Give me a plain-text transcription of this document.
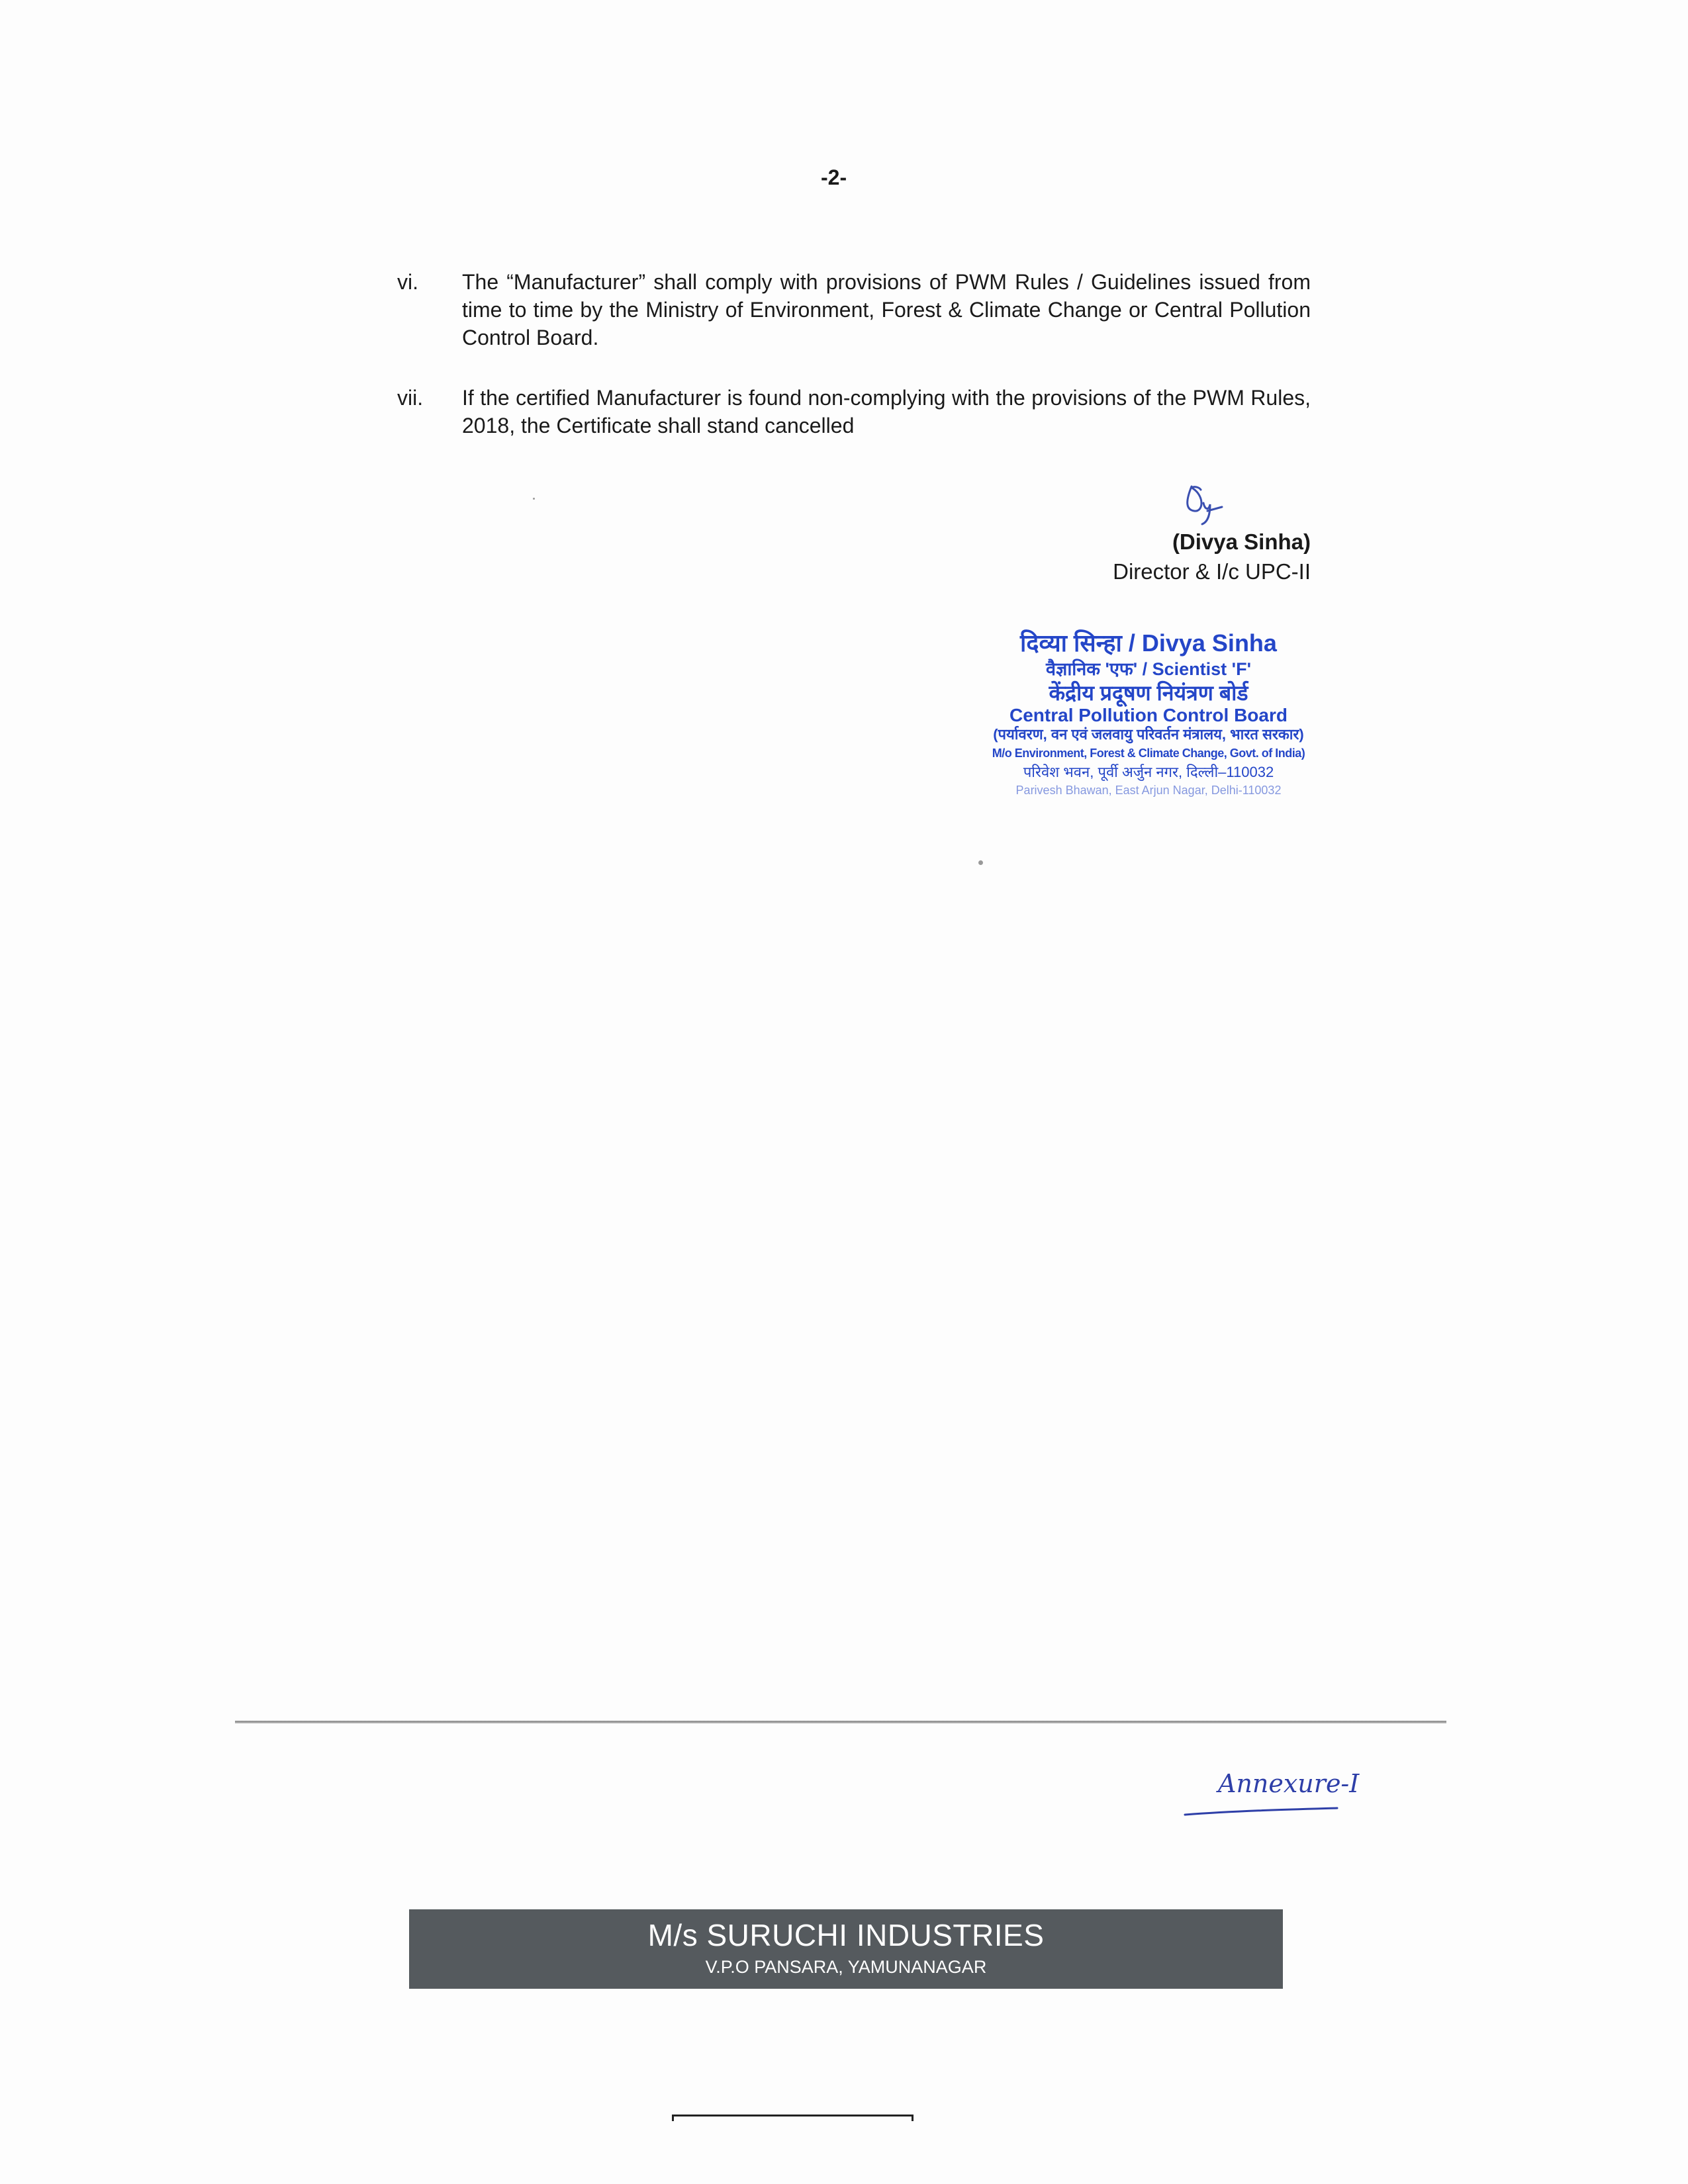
-2-
vi.	The “Manufacturer” shall comply with provisions of PWM Rules / Guidelines issued from time to time by the Ministry of Environment, Forest & Climate Change or Central Pollution Control Board.
vii.	If the certified Manufacturer is found non-complying with the provisions of the PWM Rules, 2018, the Certificate shall stand cancelled
(Divya Sinha)
Director & I/c UPC-II
दिव्या सिन्हा / Divya Sinha
वैज्ञानिक 'एफ' / Scientist 'F'
केंद्रीय प्रदूषण नियंत्रण बोर्ड
Central Pollution Control Board
(पर्यावरण, वन एवं जलवायु परिवर्तन मंत्रालय, भारत सरकार)
M/o Environment, Forest & Climate Change, Govt. of India)
परिवेश भवन, पूर्वी अर्जुन नगर, दिल्ली–110032
Parivesh Bhawan, East Arjun Nagar, Delhi-110032
Annexure-I
M/s SURUCHI INDUSTRIES
V.P.O PANSARA, YAMUNANAGAR
